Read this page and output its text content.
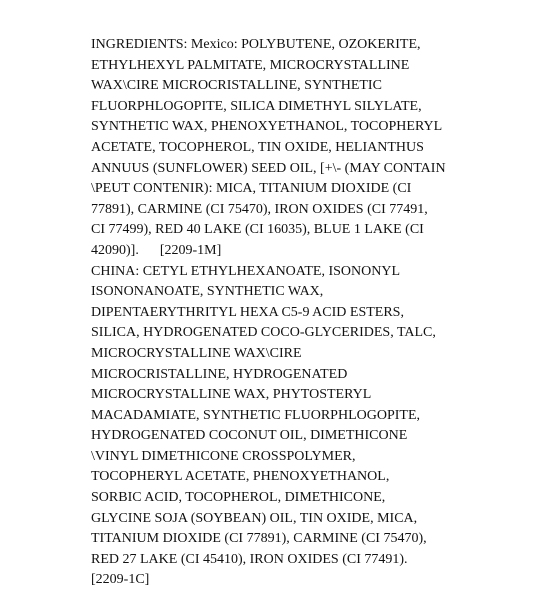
INGREDIENTS: Mexico: POLYBUTENE, OZOKERITE,
ETHYLHEXYL PALMITATE, MICROCRYSTALLINE
WAX\CIRE MICROCRISTALLINE, SYNTHETIC
FLUORPHLOGOPITE, SILICA DIMETHYL SILYLATE,
SYNTHETIC WAX, PHENOXYETHANOL, TOCOPHERYL
ACETATE, TOCOPHEROL, TIN OXIDE, HELIANTHUS
ANNUUS (SUNFLOWER) SEED OIL, [+\- (MAY CONTAIN
\PEUT CONTENIR): MICA, TITANIUM DIOXIDE (CI
77891), CARMINE (CI 75470), IRON OXIDES (CI 77491,
CI 77499), RED 40 LAKE (CI 16035), BLUE 1 LAKE (CI
42090)].      [2209-1M]
CHINA: CETYL ETHYLHEXANOATE, ISONONYL
ISONONANOATE, SYNTHETIC WAX,
DIPENTAERYTHRITYL HEXA C5-9 ACID ESTERS,
SILICA, HYDROGENATED COCO-GLYCERIDES, TALC,
MICROCRYSTALLINE WAX\CIRE
MICROCRISTALLINE, HYDROGENATED
MICROCRYSTALLINE WAX, PHYTOSTERYL
MACADAMIATE, SYNTHETIC FLUORPHLOGOPITE,
HYDROGENATED COCONUT OIL, DIMETHICONE
\VINYL DIMETHICONE CROSSPOLYMER,
TOCOPHERYL ACETATE, PHENOXYETHANOL,
SORBIC ACID, TOCOPHEROL, DIMETHICONE,
GLYCINE SOJA (SOYBEAN) OIL, TIN OXIDE, MICA,
TITANIUM DIOXIDE (CI 77891), CARMINE (CI 75470),
RED 27 LAKE (CI 45410), IRON OXIDES (CI 77491).
[2209-1C]
